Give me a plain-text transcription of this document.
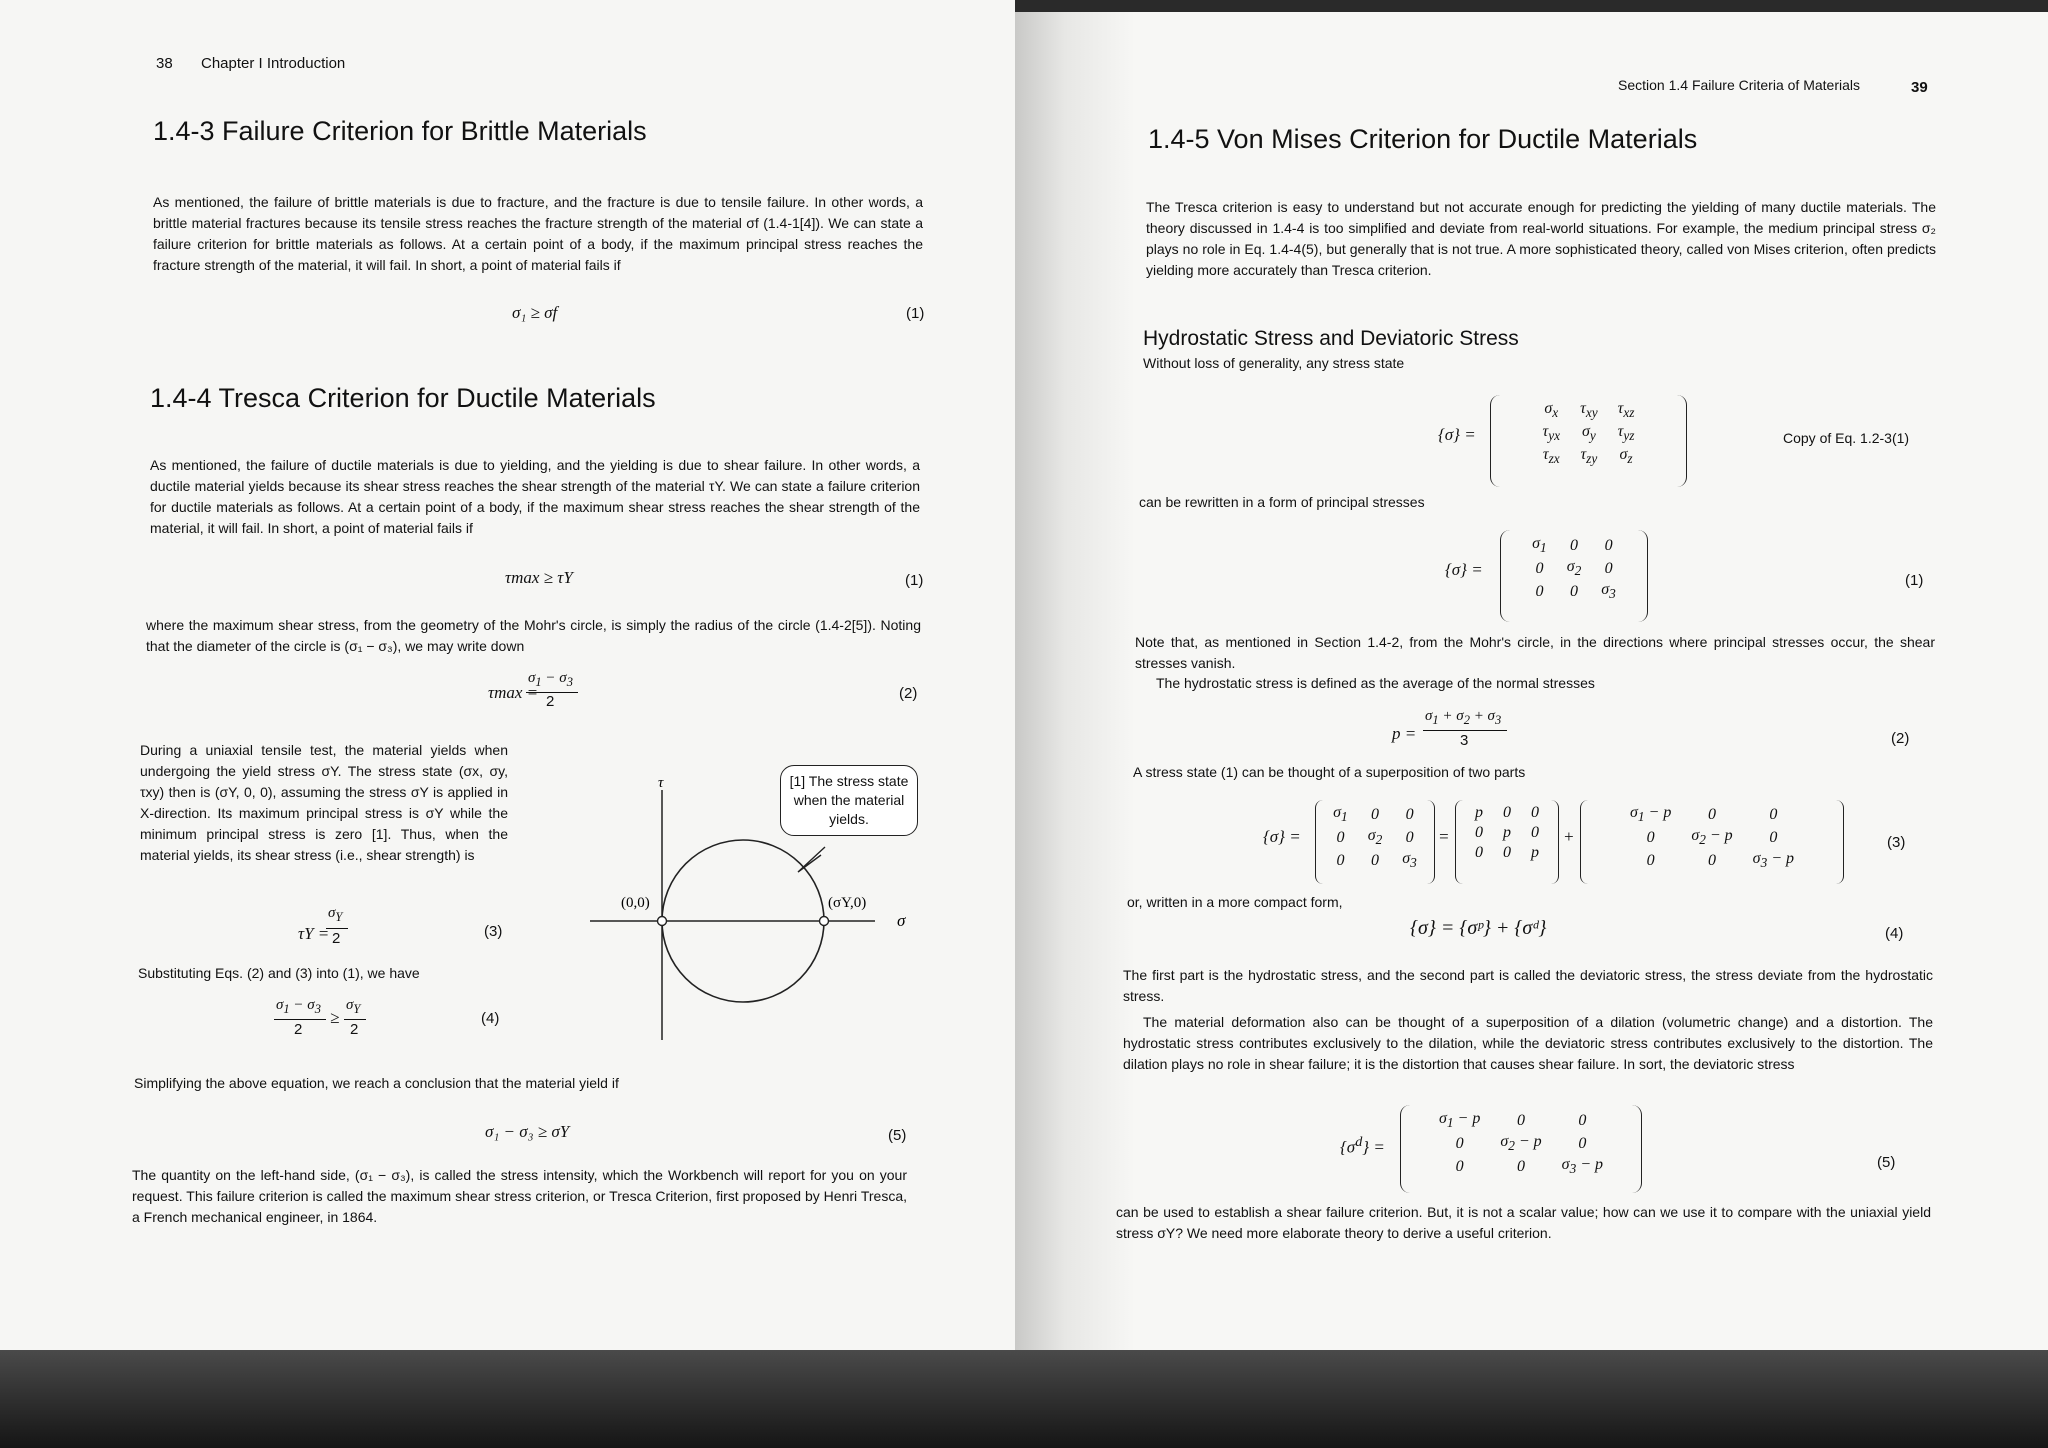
38 Chapter I Introduction
1.4-3 Failure Criterion for Brittle Materials
As mentioned, the failure of brittle materials is due to fracture, and the fracture is due to tensile failure. In other words, a brittle material fractures because its tensile stress reaches the fracture strength of the material σf (1.4-1[4]). We can state a failure criterion for brittle materials as follows. At a certain point of a body, if the maximum principal stress reaches the fracture strength of the material, it will fail. In short, a point of material fails if
σ₁ ≥ σf	(1)
1.4-4 Tresca Criterion for Ductile Materials
As mentioned, the failure of ductile materials is due to yielding, and the yielding is due to shear failure. In other words, a ductile material yields because its shear stress reaches the shear strength of the material τY. We can state a failure criterion for ductile materials as follows. At a certain point of a body, if the maximum shear stress reaches the shear strength of the material, it will fail. In short, a point of material fails if
τmax ≥ τY	(1)
where the maximum shear stress, from the geometry of the Mohr's circle, is simply the radius of the circle (1.4-2[5]). Noting that the diameter of the circle is (σ₁ − σ₃), we may write down
τmax =
$\sigma_1 - \sigma_3$
2	(2)
During a uniaxial tensile test, the material yields when undergoing the yield stress σY. The stress state (σx, σy, τxy) then is (σY, 0, 0), assuming the stress σY is applied in X-direction. Its maximum principal stress is σY while the minimum principal stress is zero [1]. Thus, when the material yields, its shear stress (i.e., shear strength) is
τY =
$\sigma_Y$
2	(3)
Substituting Eqs. (2) and (3) into (1), we have
$\sigma_1 - \sigma_3$
2
≥
$\sigma_Y$
2
(4)
τ
σ
(0,0)	(σY,0)
[1] The stress state when the material yields.
Simplifying the above equation, we reach a conclusion that the material yield if
σ₁ − σ₃ ≥ σY	(5)
The quantity on the left-hand side, (σ₁ − σ₃), is called the stress intensity, which the Workbench will report for you on your request. This failure criterion is called the maximum shear stress criterion, or Tresca Criterion, first proposed by Henri Tresca, a French mechanical engineer, in 1864.
Section 1.4 Failure Criteria of Materials	39
1.4-5 Von Mises Criterion for Ductile Materials
The Tresca criterion is easy to understand but not accurate enough for predicting the yielding of many ductile materials. The theory discussed in 1.4-4 is too simplified and deviate from real-world situations. For example, the medium principal stress σ₂ plays no role in Eq. 1.4-4(5), but generally that is not true. A more sophisticated theory, called von Mises criterion, often predicts yielding more accurately than Tresca criterion.
Hydrostatic Stress and Deviatoric Stress
Without loss of generality, any stress state
{σ} =
$\sigma_x$	$\tau_{xy}$	$\tau_{xz}$
$\tau_{yx}$	$\sigma_y$	$\tau_{yz}$
$\tau_{zx}$	$\tau_{zy}$	$\sigma_z$
Copy of Eq. 1.2-3(1)
can be rewritten in a form of principal stresses
{σ} =
$\sigma_1$	0	0
0	$\sigma_2$	0
0	0	$\sigma_3$
(1)
Note that, as mentioned in Section 1.4-2, from the Mohr's circle, in the directions where principal stresses occur, the shear stresses vanish.
The hydrostatic stress is defined as the average of the normal stresses
p =
$\sigma_1 + \sigma_2 + \sigma_3$
3	(2)
A stress state (1) can be thought of a superposition of two parts
{σ} =
$\sigma_1$	0	0
0	$\sigma_2$	0
0	0	$\sigma_3$
=
p	0	0
0	p	0
0	0	p
+
$\sigma_1 - p$	0	0
0	$\sigma_2 - p$	0
0	0	$\sigma_3 - p$
(3)
or, written in a more compact form,
{σ} = {σᵖ} + {σᵈ}	(4)
The first part is the hydrostatic stress, and the second part is called the deviatoric stress, the stress deviate from the hydrostatic stress.
The material deformation also can be thought of a superposition of a dilation (volumetric change) and a distortion. The hydrostatic stress contributes exclusively to the dilation, while the deviatoric stress contributes exclusively to the distortion. The dilation plays no role in shear failure; it is the distortion that causes shear failure. In sort, the deviatoric stress
$\{\sigma^d\}$ =
$\sigma_1 - p$	0	0
0	$\sigma_2 - p$	0
0	0	$\sigma_3 - p$	(5)
can be used to establish a shear failure criterion. But, it is not a scalar value; how can we use it to compare with the uniaxial yield stress σY? We need more elaborate theory to derive a useful criterion.
